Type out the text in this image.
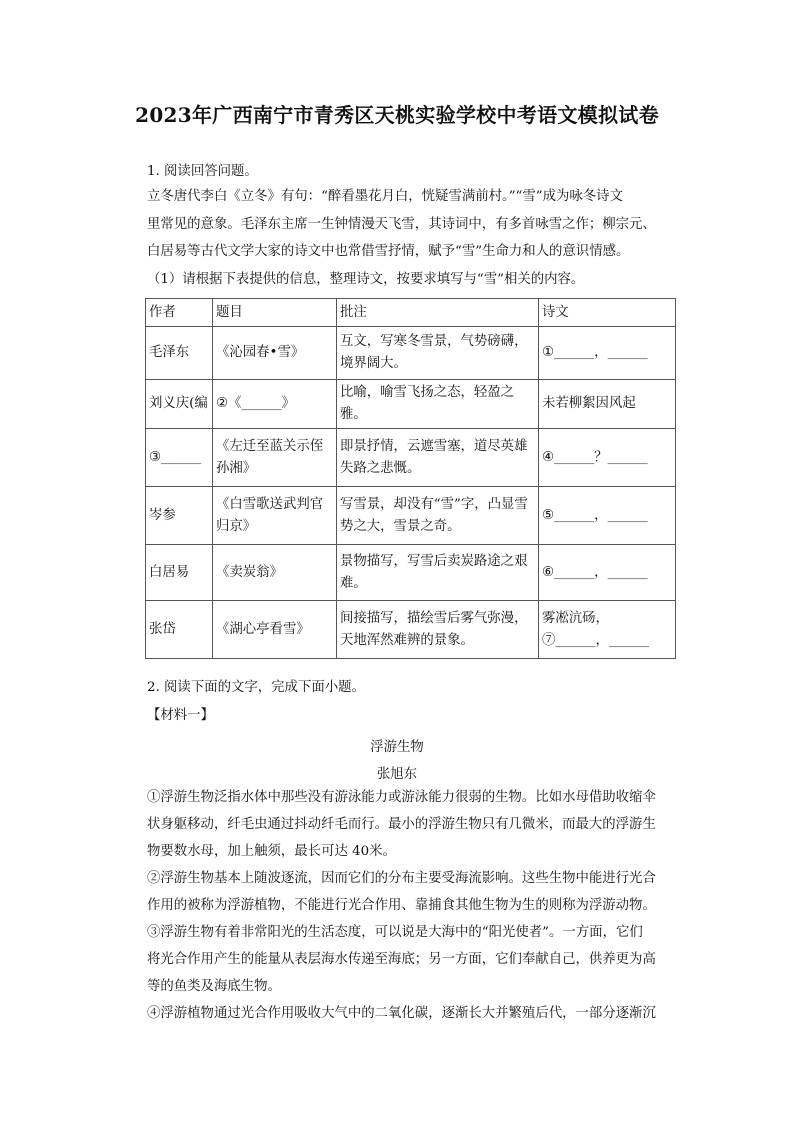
2023年广西南宁市青秀区天桃实验学校中考语文模拟试卷
1. 阅读回答问题。
立冬唐代李白《立冬》有句：“醉看墨花月白，恍疑雪满前村。”“雪”成为咏冬诗文
里常见的意象。毛泽东主席一生钟情漫天飞雪，其诗词中，有多首咏雪之作；柳宗元、
白居易等古代文学大家的诗文中也常借雪抒情，赋予“雪”生命力和人的意识情感。
（1）请根据下表提供的信息，整理诗文，按要求填写与“雪”相关的内容。
作者	题目	批注	诗文
毛泽东	《沁园春•雪》	互文，写寒冬雪景，气势磅礴，境界阔大。	①______，______
刘义庆(编	②《______》	比喻，喻雪飞扬之态，轻盈之雅。	未若柳絮因风起
③______	《左迁至蓝关示侄孙湘》	即景抒情，云遮雪塞，道尽英雄失路之悲慨。	④______？______
岑参	《白雪歌送武判官归京》	写雪景，却没有“雪”字，凸显雪势之大，雪景之奇。	⑤______，______
白居易	《卖炭翁》	景物描写，写雪后卖炭路途之艰难。	⑥______，______
张岱	《湖心亭看雪》	间接描写，描绘雪后雾气弥漫，天地浑然难辨的景象。	雾凇沆砀，⑦______，______
2. 阅读下面的文字，完成下面小题。
【材料一】
浮游生物
张旭东
①浮游生物泛指水体中那些没有游泳能力或游泳能力很弱的生物。比如水母借助收缩伞
状身躯移动，纤毛虫通过抖动纤毛而行。最小的浮游生物只有几微米，而最大的浮游生
物要数水母，加上触须，最长可达 40米。
②浮游生物基本上随波逐流，因而它们的分布主要受海流影响。这些生物中能进行光合
作用的被称为浮游植物，不能进行光合作用、靠捕食其他生物为生的则称为浮游动物。
③浮游生物有着非常阳光的生活态度，可以说是大海中的“阳光使者”。一方面，它们
将光合作用产生的能量从表层海水传递至海底；另一方面，它们奉献自己，供养更为高
等的鱼类及海底生物。
④浮游植物通过光合作用吸收大气中的二氧化碳，逐渐长大并繁殖后代，一部分逐渐沉
